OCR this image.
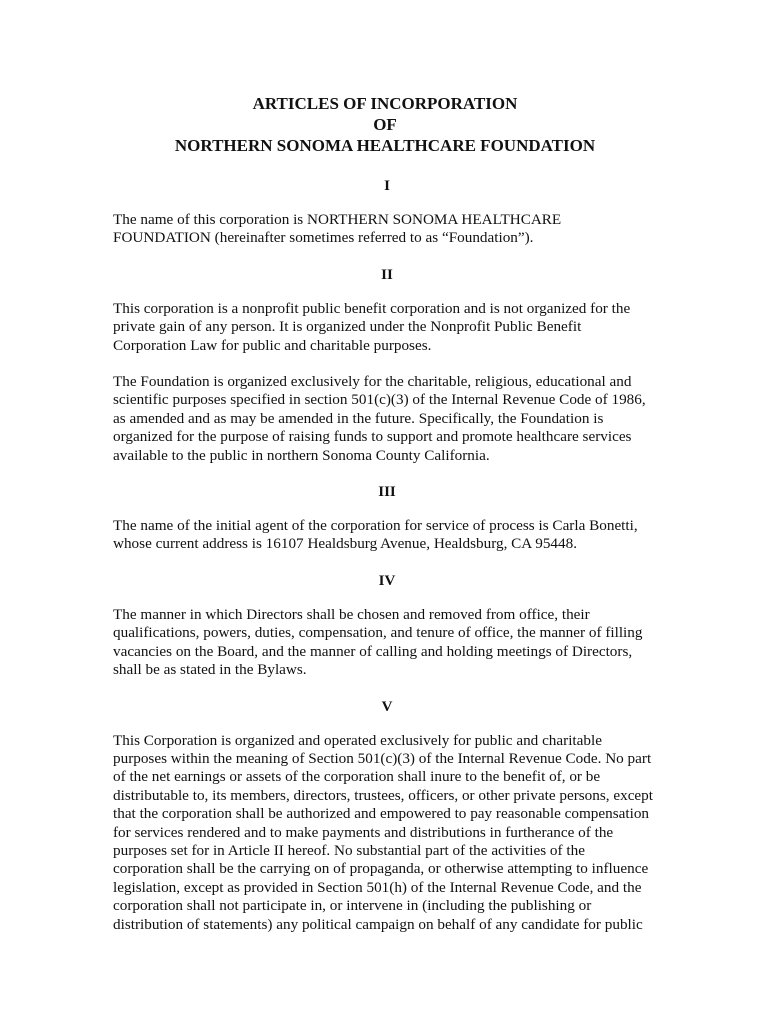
ARTICLES OF INCORPORATION
OF
NORTHERN SONOMA HEALTHCARE FOUNDATION
I
The name of this corporation is NORTHERN SONOMA HEALTHCARE
FOUNDATION (hereinafter sometimes referred to as “Foundation”).
II
This corporation is a nonprofit public benefit corporation and is not organized for the
private gain of any person. It is organized under the Nonprofit Public Benefit
Corporation Law for public and charitable purposes.
The Foundation is organized exclusively for the charitable, religious, educational and
scientific purposes specified in section 501(c)(3) of the Internal Revenue Code of 1986,
as amended and as may be amended in the future. Specifically, the Foundation is
organized for the purpose of raising funds to support and promote healthcare services
available to the public in northern Sonoma County California.
III
The name of the initial agent of the corporation for service of process is Carla Bonetti,
whose current address is 16107 Healdsburg Avenue, Healdsburg, CA 95448.
IV
The manner in which Directors shall be chosen and removed from office, their
qualifications, powers, duties, compensation, and tenure of office, the manner of filling
vacancies on the Board, and the manner of calling and holding meetings of Directors,
shall be as stated in the Bylaws.
V
This Corporation is organized and operated exclusively for public and charitable
purposes within the meaning of Section 501(c)(3) of the Internal Revenue Code. No part
of the net earnings or assets of the corporation shall inure to the benefit of, or be
distributable to, its members, directors, trustees, officers, or other private persons, except
that the corporation shall be authorized and empowered to pay reasonable compensation
for services rendered and to make payments and distributions in furtherance of the
purposes set for in Article II hereof. No substantial part of the activities of the
corporation shall be the carrying on of propaganda, or otherwise attempting to influence
legislation, except as provided in Section 501(h) of the Internal Revenue Code, and the
corporation shall not participate in, or intervene in (including the publishing or
distribution of statements) any political campaign on behalf of any candidate for public
